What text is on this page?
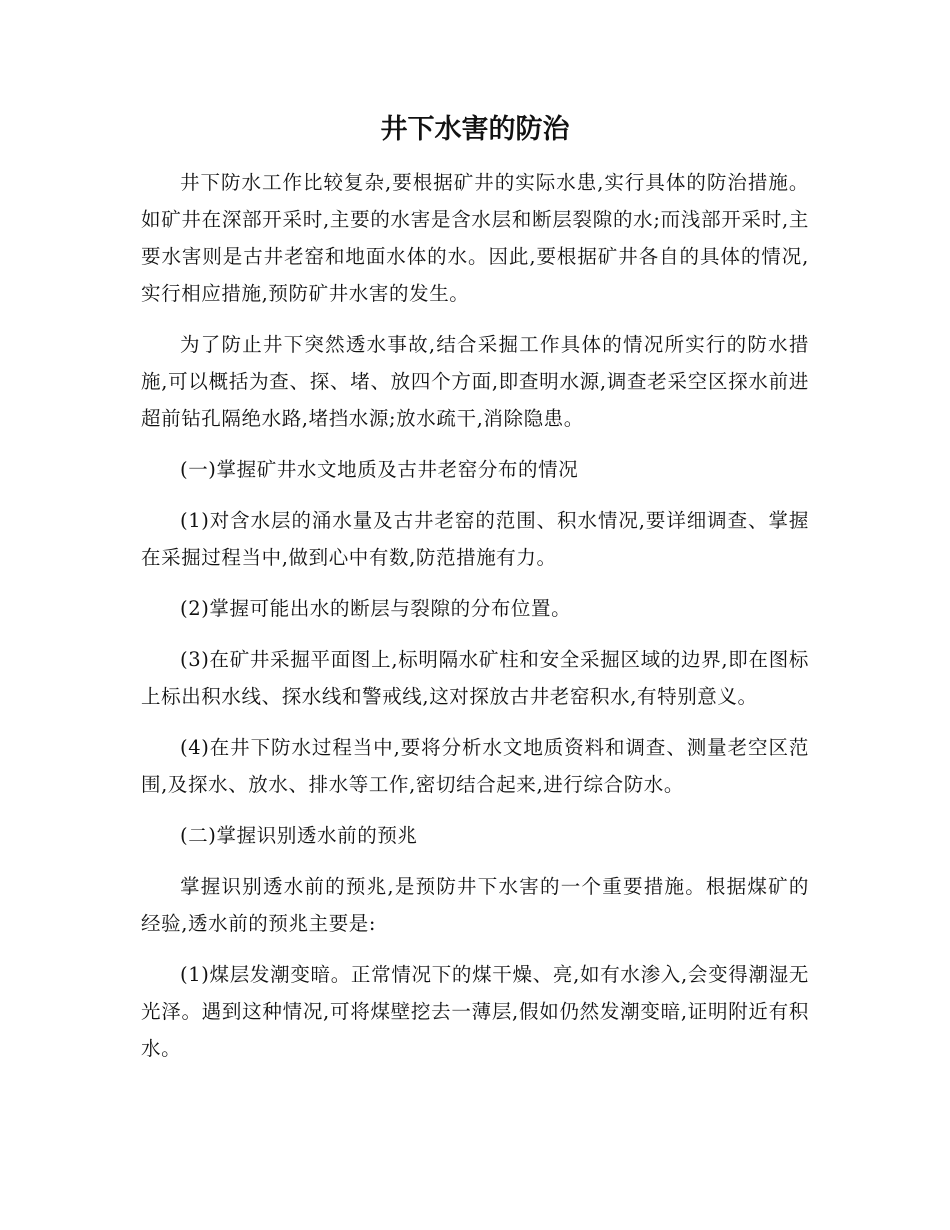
井下水害的防治

井下防水工作比较复杂,要根据矿井的实际水患,实行具体的防治措施。如矿井在深部开采时,主要的水害是含水层和断层裂隙的水;而浅部开采时,主要水害则是古井老窑和地面水体的水。因此,要根据矿井各自的具体的情况,实行相应措施,预防矿井水害的发生。

为了防止井下突然透水事故,结合采掘工作具体的情况所实行的防水措施,可以概括为查、探、堵、放四个方面,即查明水源,调查老采空区探水前进超前钻孔隔绝水路,堵挡水源;放水疏干,消除隐患。

(一)掌握矿井水文地质及古井老窑分布的情况

(1)对含水层的涌水量及古井老窑的范围、积水情况,要详细调查、掌握在采掘过程当中,做到心中有数,防范措施有力。

(2)掌握可能出水的断层与裂隙的分布位置。

(3)在矿井采掘平面图上,标明隔水矿柱和安全采掘区域的边界,即在图标上标出积水线、探水线和警戒线,这对探放古井老窑积水,有特别意义。

(4)在井下防水过程当中,要将分析水文地质资料和调查、测量老空区范围,及探水、放水、排水等工作,密切结合起来,进行综合防水。

(二)掌握识别透水前的预兆

掌握识别透水前的预兆,是预防井下水害的一个重要措施。根据煤矿的经验,透水前的预兆主要是:

(1)煤层发潮变暗。正常情况下的煤干燥、亮,如有水渗入,会变得潮湿无光泽。遇到这种情况,可将煤壁挖去一薄层,假如仍然发潮变暗,证明附近有积水。
